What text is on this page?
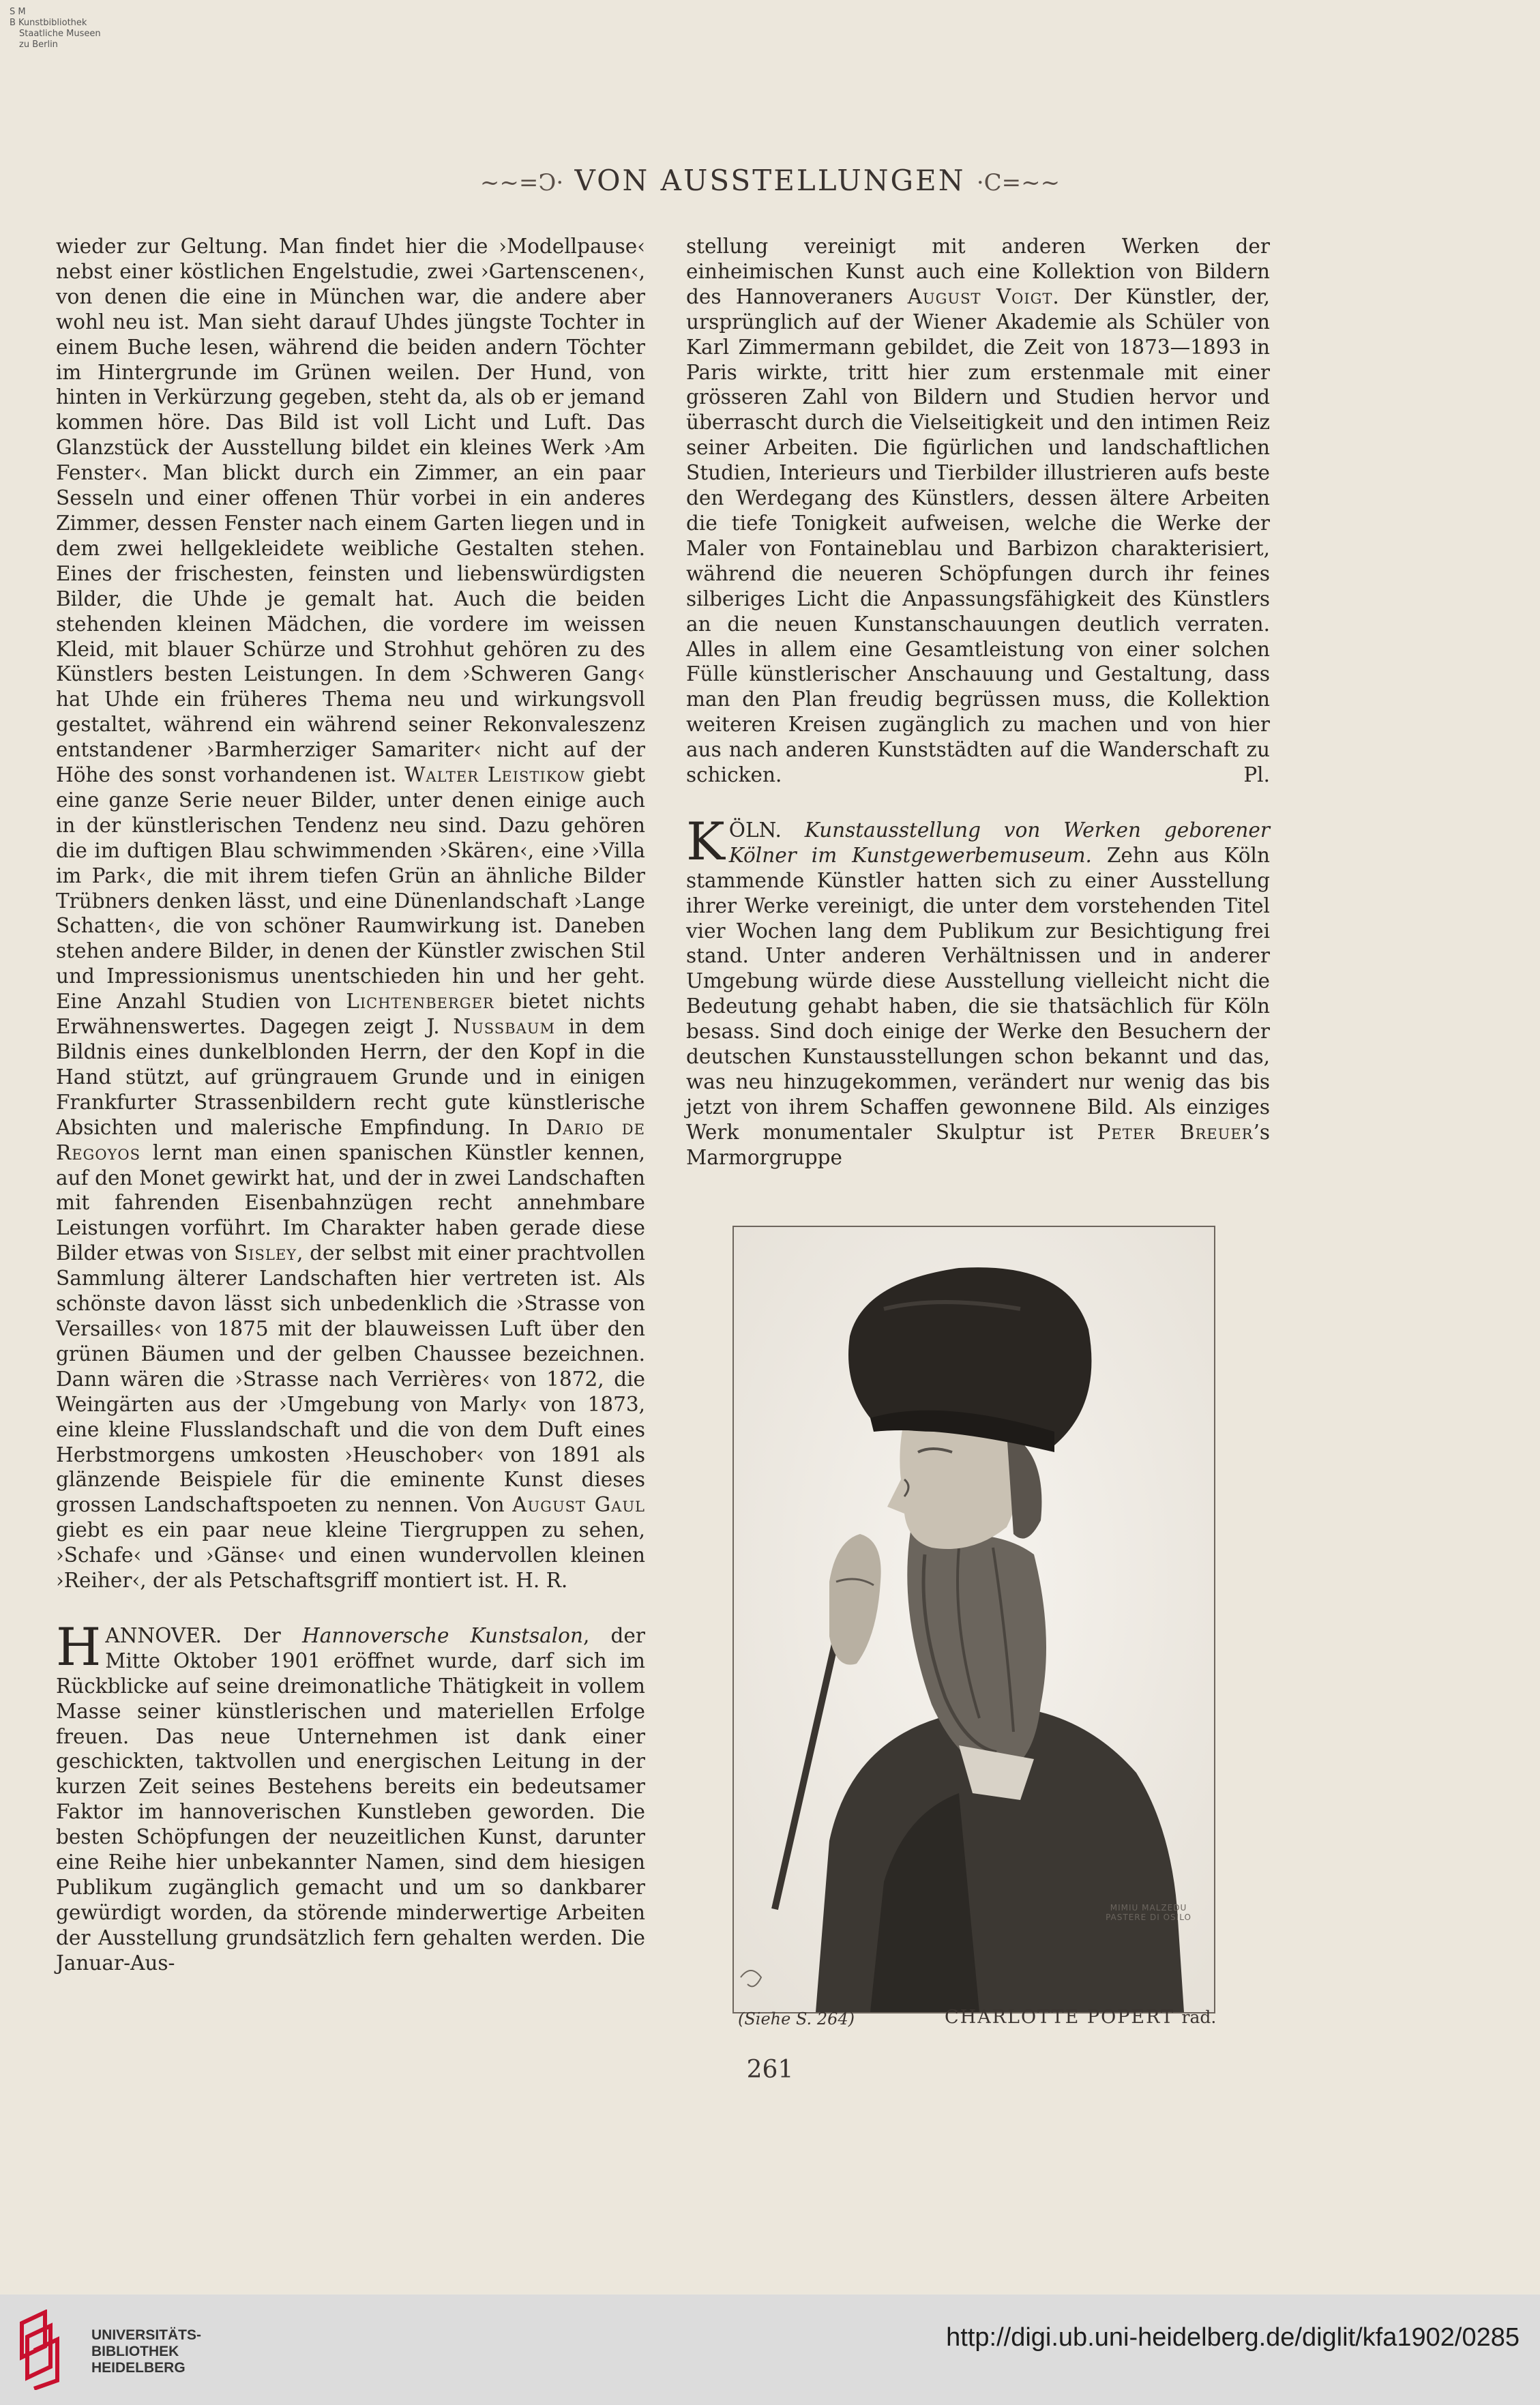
S M
B Kunstbibliothek
Staatliche Museen
zu Berlin
~~=Ↄ· VON AUSSTELLUNGEN ·C=~~

wieder zur Geltung. Man findet hier die ›Modellpause‹ nebst einer köstlichen Engelstudie, zwei ›Gartenscenen‹, von denen die eine in München war, die andere aber wohl neu ist. Man sieht darauf Uhdes jüngste Tochter in einem Buche lesen, während die beiden andern Töchter im Hintergrunde im Grünen weilen. Der Hund, von hinten in Verkürzung gegeben, steht da, als ob er jemand kommen höre. Das Bild ist voll Licht und Luft. Das Glanzstück der Ausstellung bildet ein kleines Werk ›Am Fenster‹. Man blickt durch ein Zimmer, an ein paar Sesseln und einer offenen Thür vorbei in ein anderes Zimmer, dessen Fenster nach einem Garten liegen und in dem zwei hellgekleidete weibliche Gestalten stehen. Eines der frischesten, feinsten und liebenswürdigsten Bilder, die Uhde je gemalt hat. Auch die beiden stehenden kleinen Mädchen, die vordere im weissen Kleid, mit blauer Schürze und Strohhut gehören zu des Künstlers besten Leistungen. In dem ›Schweren Gang‹ hat Uhde ein früheres Thema neu und wirkungsvoll gestaltet, während ein während seiner Rekonvaleszenz entstandener ›Barmherziger Samariter‹ nicht auf der Höhe des sonst vorhandenen ist. Walter Leistikow giebt eine ganze Serie neuer Bilder, unter denen einige auch in der künstlerischen Tendenz neu sind. Dazu gehören die im duftigen Blau schwimmenden ›Skären‹, eine ›Villa im Park‹, die mit ihrem tiefen Grün an ähnliche Bilder Trübners denken lässt, und eine Dünenlandschaft ›Lange Schatten‹, die von schöner Raumwirkung ist. Daneben stehen andere Bilder, in denen der Künstler zwischen Stil und Impressionismus unentschieden hin und her geht. Eine Anzahl Studien von Lichtenberger bietet nichts Erwähnenswertes. Dagegen zeigt J. Nussbaum in dem Bildnis eines dunkelblonden Herrn, der den Kopf in die Hand stützt, auf grüngrauem Grunde und in einigen Frankfurter Strassenbildern recht gute künstlerische Absichten und malerische Empfindung. In Dario de Regoyos lernt man einen spanischen Künstler kennen, auf den Monet gewirkt hat, und der in zwei Landschaften mit fahrenden Eisenbahnzügen recht annehmbare Leistungen vorführt. Im Charakter haben gerade diese Bilder etwas von Sisley, der selbst mit einer prachtvollen Sammlung älterer Landschaften hier vertreten ist. Als schönste davon lässt sich unbedenklich die ›Strasse von Versailles‹ von 1875 mit der blauweissen Luft über den grünen Bäumen und der gelben Chaussee bezeichnen. Dann wären die ›Strasse nach Verrières‹ von 1872, die Weingärten aus der ›Umgebung von Marly‹ von 1873, eine kleine Flusslandschaft und die von dem Duft eines Herbstmorgens umkosten ›Heuschober‹ von 1891 als glänzende Beispiele für die eminente Kunst dieses grossen Landschaftspoeten zu nennen. Von August Gaul giebt es ein paar neue kleine Tiergruppen zu sehen, ›Schafe‹ und ›Gänse‹ und einen wundervollen kleinen ›Reiher‹, der als Petschaftsgriff montiert ist. H. R.

HANNOVER. Der Hannoversche Kunstsalon, der Mitte Oktober 1901 eröffnet wurde, darf sich im Rückblicke auf seine dreimonatliche Thätigkeit in vollem Masse seiner künstlerischen und materiellen Erfolge freuen. Das neue Unternehmen ist dank einer geschickten, taktvollen und energischen Leitung in der kurzen Zeit seines Bestehens bereits ein bedeutsamer Faktor im hannoverischen Kunstleben geworden. Die besten Schöpfungen der neuzeitlichen Kunst, darunter eine Reihe hier unbekannter Namen, sind dem hiesigen Publikum zugänglich gemacht und um so dankbarer gewürdigt worden, da störende minderwertige Arbeiten der Ausstellung grundsätzlich fern gehalten werden. Die Januar-Aus-

stellung vereinigt mit anderen Werken der einheimischen Kunst auch eine Kollektion von Bildern des Hannoveraners August Voigt. Der Künstler, der, ursprünglich auf der Wiener Akademie als Schüler von Karl Zimmermann gebildet, die Zeit von 1873—1893 in Paris wirkte, tritt hier zum erstenmale mit einer grösseren Zahl von Bildern und Studien hervor und überrascht durch die Vielseitigkeit und den intimen Reiz seiner Arbeiten. Die figürlichen und landschaftlichen Studien, Interieurs und Tierbilder illustrieren aufs beste den Werdegang des Künstlers, dessen ältere Arbeiten die tiefe Tonigkeit aufweisen, welche die Werke der Maler von Fontaineblau und Barbizon charakterisiert, während die neueren Schöpfungen durch ihr feines silberiges Licht die Anpassungsfähigkeit des Künstlers an die neuen Kunstanschauungen deutlich verraten. Alles in allem eine Gesamtleistung von einer solchen Fülle künstlerischer Anschauung und Gestaltung, dass man den Plan freudig begrüssen muss, die Kollektion weiteren Kreisen zugänglich zu machen und von hier aus nach anderen Kunststädten auf die Wanderschaft zu schicken.	Pl.

KÖLN. Kunstausstellung von Werken geborener Kölner im Kunstgewerbemuseum. Zehn aus Köln stammende Künstler hatten sich zu einer Ausstellung ihrer Werke vereinigt, die unter dem vorstehenden Titel vier Wochen lang dem Publikum zur Besichtigung frei stand. Unter anderen Verhältnissen und in anderer Umgebung würde diese Ausstellung vielleicht nicht die Bedeutung gehabt haben, die sie thatsächlich für Köln besass. Sind doch einige der Werke den Besuchern der deutschen Kunstausstellungen schon bekannt und das, was neu hinzugekommen, verändert nur wenig das bis jetzt von ihrem Schaffen gewonnene Bild. Als einziges Werk monumentaler Skulptur ist Peter Breuer’s Marmorgruppe

MIMIU MALZEDU PASTERE DI OSILO
(Siehe S. 264)	CHARLOTTE POPERT rad.
261
UNIVERSITÄTS-
BIBLIOTHEK
HEIDELBERG
http://digi.ub.uni-heidelberg.de/diglit/kfa1902/0285
